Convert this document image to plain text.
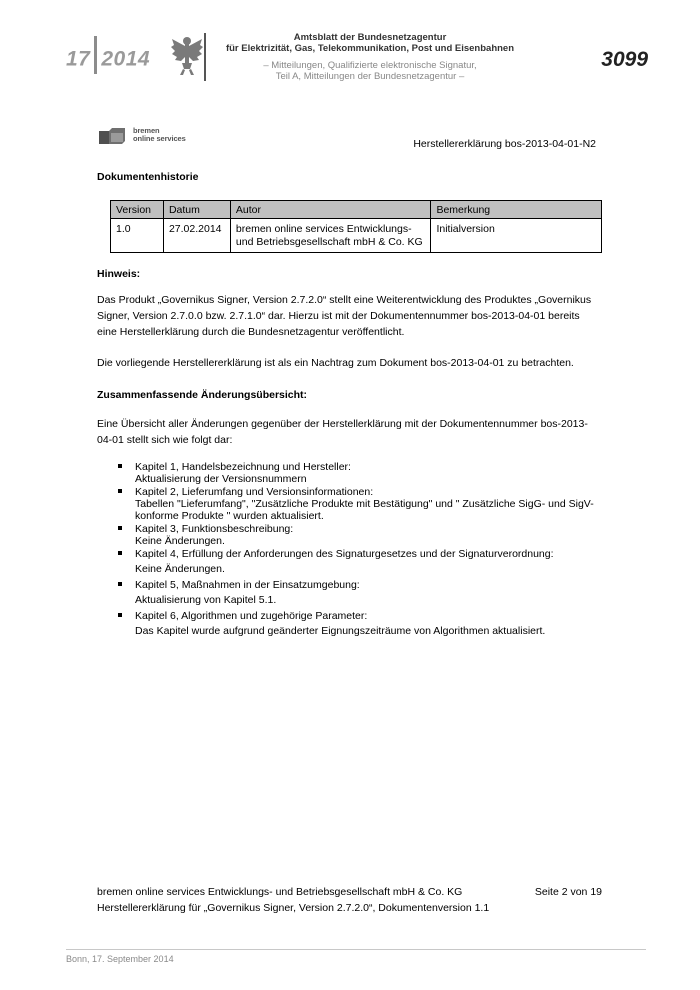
17 2014
Amtsblatt der Bundesnetzagentur
für Elektrizität, Gas, Telekommunikation, Post und Eisenbahnen
– Mitteilungen, Qualifizierte elektronische Signatur,
Teil A, Mitteilungen der Bundesnetzagentur –
3099
bremen
online services	Herstellererklärung bos-2013-04-01-N2
Dokumentenhistorie
Version	Datum	Autor	Bemerkung
1.0	27.02.2014	bremen online services Entwicklungs-
und Betriebsgesellschaft mbH & Co. KG	Initialversion
Hinweis:
Das Produkt „Governikus Signer, Version 2.7.2.0“ stellt eine Weiterentwicklung des Produktes „Governikus
Signer, Version 2.7.0.0 bzw. 2.7.1.0“ dar. Hierzu ist mit der Dokumentennummer bos-2013-04-01 bereits
eine Herstellerklärung durch die Bundesnetzagentur veröffentlicht.
Die vorliegende Herstellererklärung ist als ein Nachtrag zum Dokument bos-2013-04-01 zu betrachten.
Zusammenfassende Änderungsübersicht:
Eine Übersicht aller Änderungen gegenüber der Herstellerklärung mit der Dokumentennummer bos-2013-
04-01 stellt sich wie folgt dar:
Kapitel 1, Handelsbezeichnung und Hersteller:
Aktualisierung der Versionsnummern
Kapitel 2, Lieferumfang und Versionsinformationen:
Tabellen "Lieferumfang", "Zusätzliche Produkte mit Bestätigung" und " Zusätzliche SigG- und SigV-
konforme Produkte " wurden aktualisiert.
Kapitel 3, Funktionsbeschreibung:
Keine Änderungen.
Kapitel 4, Erfüllung der Anforderungen des Signaturgesetzes und der Signaturverordnung:
Keine Änderungen.
Kapitel 5, Maßnahmen in der Einsatzumgebung:
Aktualisierung von Kapitel 5.1.
Kapitel 6, Algorithmen und zugehörige Parameter:
Das Kapitel wurde aufgrund geänderter Eignungszeiträume von Algorithmen aktualisiert.
bremen online services Entwicklungs- und Betriebsgesellschaft mbH & Co. KG	Seite 2 von 19
Herstellererklärung für „Governikus Signer, Version 2.7.2.0“, Dokumentenversion 1.1
Bonn, 17. September 2014
